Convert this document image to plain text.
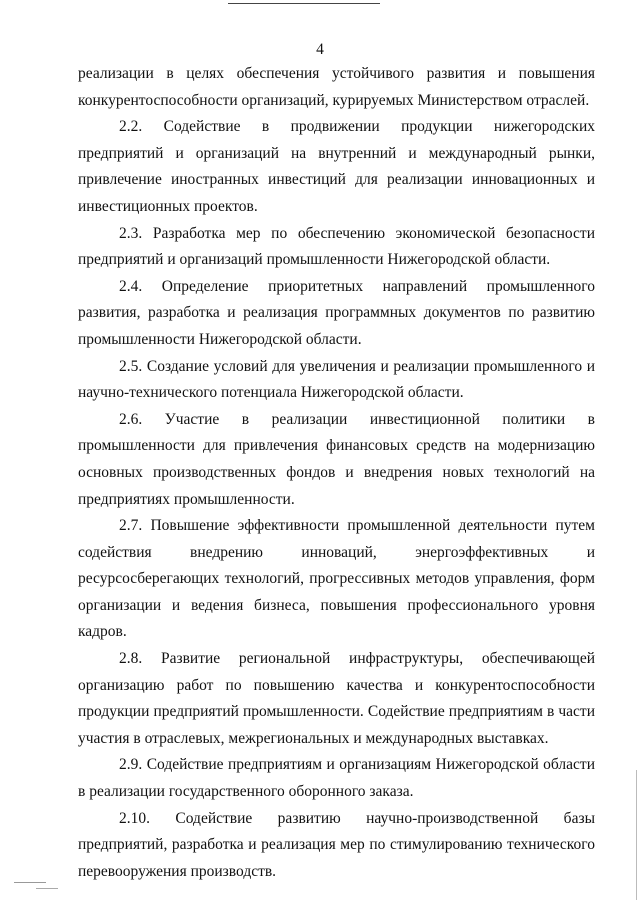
4

реализации в целях обеспечения устойчивого развития и повышения конкурентоспособности организаций, курируемых Министерством отраслей.

2.2. Содействие в продвижении продукции нижегородских предприятий и организаций на внутренний и международный рынки, привлечение иностранных инвестиций для реализации инновационных и инвестиционных проектов.

2.3. Разработка мер по обеспечению экономической безопасности предприятий и организаций промышленности Нижегородской области.

2.4. Определение приоритетных направлений промышленного развития, разработка и реализация программных документов по развитию промышленности Нижегородской области.

2.5. Создание условий для увеличения и реализации промышленного и научно-технического потенциала Нижегородской области.

2.6. Участие в реализации инвестиционной политики в промышленности для привлечения финансовых средств на модернизацию основных производственных фондов и внедрения новых технологий на предприятиях промышленности.

2.7. Повышение эффективности промышленной деятельности путем содействия внедрению инноваций, энергоэффективных и ресурсосберегающих технологий, прогрессивных методов управления, форм организации и ведения бизнеса, повышения профессионального уровня кадров.

2.8. Развитие региональной инфраструктуры, обеспечивающей организацию работ по повышению качества и конкурентоспособности продукции предприятий промышленности. Содействие предприятиям в части участия в отраслевых, межрегиональных и международных выставках.

2.9. Содействие предприятиям и организациям Нижегородской области в реализации государственного оборонного заказа.

2.10. Содействие развитию научно-производственной базы предприятий, разработка и реализация мер по стимулированию технического перевооружения производств.
